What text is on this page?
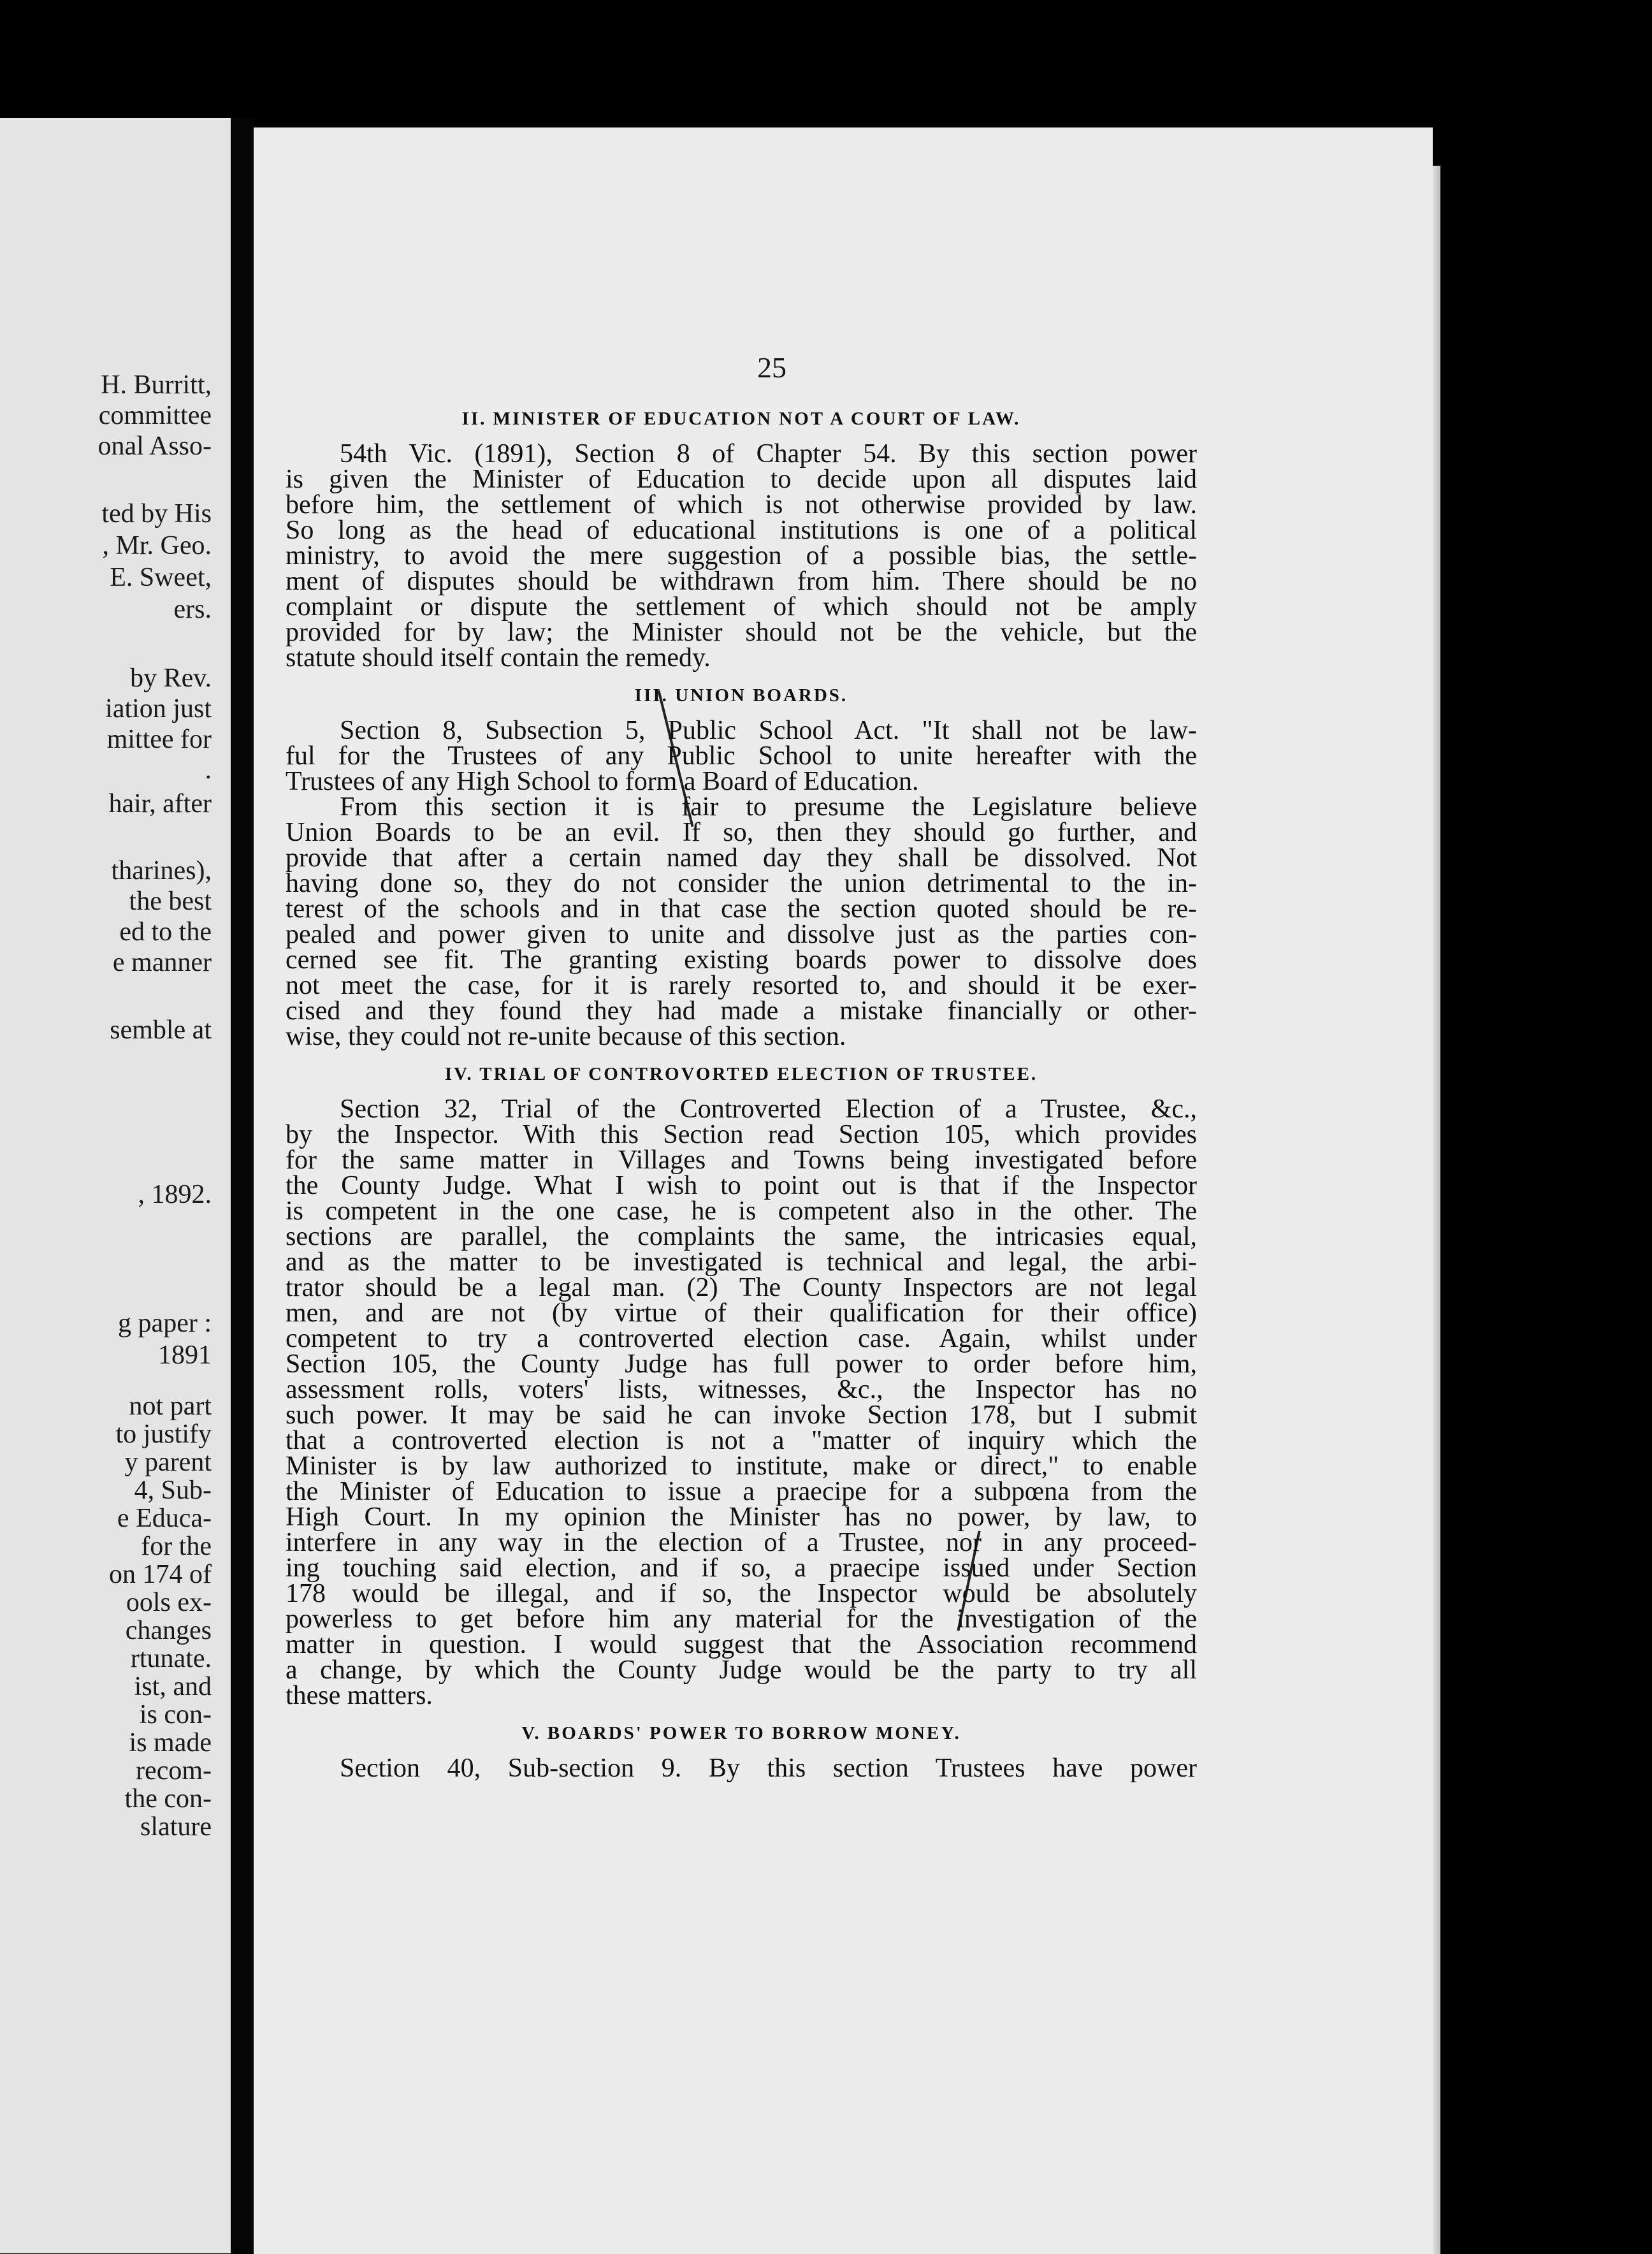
H. Burritt,
committee
onal Asso-
ted by His
, Mr. Geo.
E. Sweet,
ers.
by Rev.
iation just
mittee for
.
hair, after
tharines),
the best
ed to the
e manner
semble at
, 1892.
g paper :
1891
not part
to justify
y parent
4, Sub-
e Educa-
for the
on 174 of
ools ex-
changes
rtunate.
ist, and
is con-
is made
recom-
the con-
slature
25
II. MINISTER OF EDUCATION NOT A COURT OF LAW.
54th Vic. (1891), Section 8 of Chapter 54. By this section power
is given the Minister of Education to decide upon all disputes laid
before him, the settlement of which is not otherwise provided by law.
So long as the head of educational institutions is one of a political
ministry, to avoid the mere suggestion of a possible bias, the settle-
ment of disputes should be withdrawn from him. There should be no
complaint or dispute the settlement of which should not be amply
provided for by law; the Minister should not be the vehicle, but the
statute should itself contain the remedy.
III. UNION BOARDS.
Section 8, Subsection 5, Public School Act. "It shall not be law-
ful for the Trustees of any Public School to unite hereafter with the
Trustees of any High School to form a Board of Education.
From this section it is fair to presume the Legislature believe
Union Boards to be an evil. If so, then they should go further, and
provide that after a certain named day they shall be dissolved. Not
having done so, they do not consider the union detrimental to the in-
terest of the schools and in that case the section quoted should be re-
pealed and power given to unite and dissolve just as the parties con-
cerned see fit. The granting existing boards power to dissolve does
not meet the case, for it is rarely resorted to, and should it be exer-
cised and they found they had made a mistake financially or other-
wise, they could not re-unite because of this section.
IV. TRIAL OF CONTROVORTED ELECTION OF TRUSTEE.
Section 32, Trial of the Controverted Election of a Trustee, &c.,
by the Inspector. With this Section read Section 105, which provides
for the same matter in Villages and Towns being investigated before
the County Judge. What I wish to point out is that if the Inspector
is competent in the one case, he is competent also in the other. The
sections are parallel, the complaints the same, the intricasies equal,
and as the matter to be investigated is technical and legal, the arbi-
trator should be a legal man. (2) The County Inspectors are not legal
men, and are not (by virtue of their qualification for their office)
competent to try a controverted election case. Again, whilst under
Section 105, the County Judge has full power to order before him,
assessment rolls, voters' lists, witnesses, &c., the Inspector has no
such power. It may be said he can invoke Section 178, but I submit
that a controverted election is not a "matter of inquiry which the
Minister is by law authorized to institute, make or direct," to enable
the Minister of Education to issue a praecipe for a subpœna from the
High Court. In my opinion the Minister has no power, by law, to
interfere in any way in the election of a Trustee, nor in any proceed-
ing touching said election, and if so, a praecipe issued under Section
178 would be illegal, and if so, the Inspector would be absolutely
powerless to get before him any material for the investigation of the
matter in question. I would suggest that the Association recommend
a change, by which the County Judge would be the party to try all
these matters.
V. BOARDS' POWER TO BORROW MONEY.
Section 40, Sub-section 9. By this section Trustees have power
